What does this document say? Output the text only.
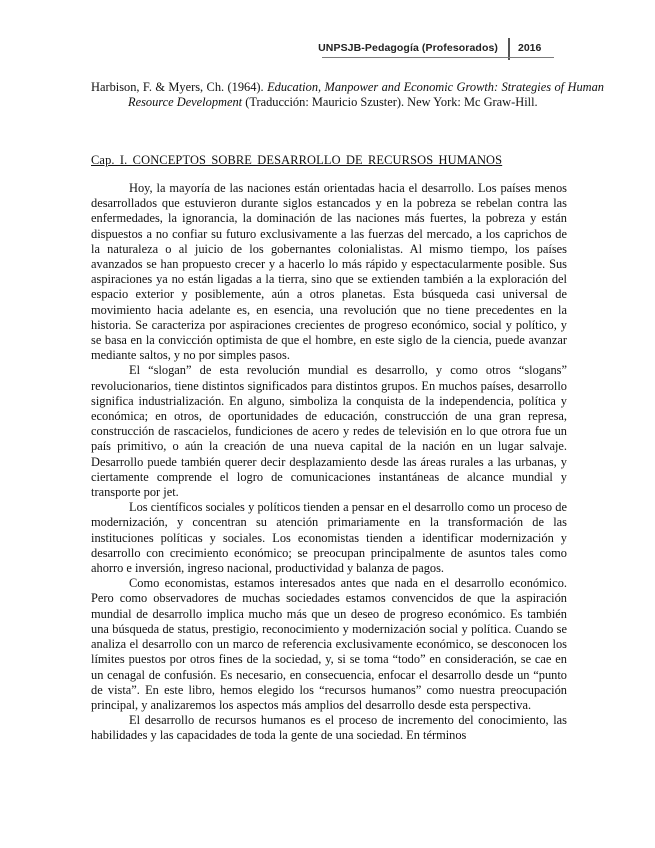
UNPSJB-Pedagogía (Profesorados) 2016

Harbison, F. & Myers, Ch. (1964). Education, Manpower and Economic Growth: Strategies of Human Resource Development (Traducción: Mauricio Szuster). New York: Mc Graw-Hill.

Cap. I. CONCEPTOS SOBRE DESARROLLO DE RECURSOS HUMANOS

Hoy, la mayoría de las naciones están orientadas hacia el desarrollo. Los países menos desarrollados que estuvieron durante siglos estancados y en la pobreza se rebelan contra las enfermedades, la ignorancia, la dominación de las naciones más fuertes, la pobreza y están dispuestos a no confiar su futuro exclusivamente a las fuerzas del mercado, a los caprichos de la naturaleza o al juicio de los gobernantes colonialistas. Al mismo tiempo, los países avanzados se han propuesto crecer y a hacerlo lo más rápido y espectacularmente posible. Sus aspiraciones ya no están ligadas a la tierra, sino que se extienden también a la exploración del espacio exterior y posiblemente, aún a otros planetas. Esta búsqueda casi universal de movimiento hacia adelante es, en esencia, una revolución que no tiene precedentes en la historia. Se caracteriza por aspiraciones crecientes de progreso económico, social y político, y se basa en la convicción optimista de que el hombre, en este siglo de la ciencia, puede avanzar mediante saltos, y no por simples pasos.

El “slogan” de esta revolución mundial es desarrollo, y como otros “slogans” revolucionarios, tiene distintos significados para distintos grupos. En muchos países, desarrollo significa industrialización. En alguno, simboliza la conquista de la independencia, política y económica; en otros, de oportunidades de educación, construcción de una gran represa, construcción de rascacielos, fundiciones de acero y redes de televisión en lo que otrora fue un país primitivo, o aún la creación de una nueva capital de la nación en un lugar salvaje. Desarrollo puede también querer decir desplazamiento desde las áreas rurales a las urbanas, y ciertamente comprende el logro de comunicaciones instantáneas de alcance mundial y transporte por jet.

Los científicos sociales y políticos tienden a pensar en el desarrollo como un proceso de modernización, y concentran su atención primariamente en la transformación de las instituciones políticas y sociales. Los economistas tienden a identificar modernización y desarrollo con crecimiento económico; se preocupan principalmente de asuntos tales como ahorro e inversión, ingreso nacional, productividad y balanza de pagos.

Como economistas, estamos interesados antes que nada en el desarrollo económico. Pero como observadores de muchas sociedades estamos convencidos de que la aspiración mundial de desarrollo implica mucho más que un deseo de progreso económico. Es también una búsqueda de status, prestigio, reconocimiento y modernización social y política. Cuando se analiza el desarrollo con un marco de referencia exclusivamente económico, se desconocen los límites puestos por otros fines de la sociedad, y, si se toma “todo” en consideración, se cae en un cenagal de confusión. Es necesario, en consecuencia, enfocar el desarrollo desde un “punto de vista”. En este libro, hemos elegido los “recursos humanos” como nuestra preocupación principal, y analizaremos los aspectos más amplios del desarrollo desde esta perspectiva.

El desarrollo de recursos humanos es el proceso de incremento del conocimiento, las habilidades y las capacidades de toda la gente de una sociedad. En términos
